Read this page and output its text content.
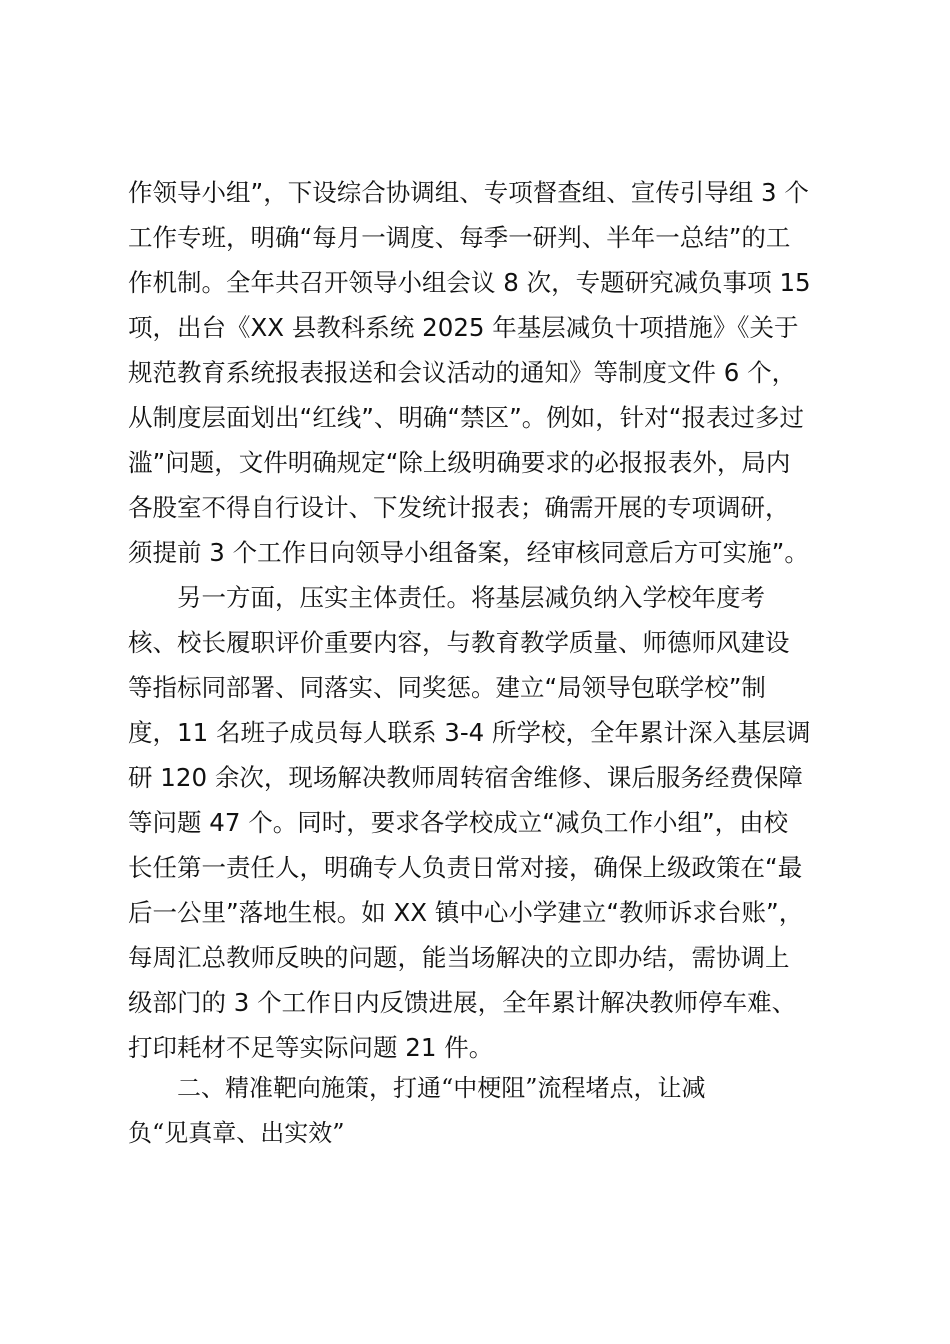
作领导小组”，下设综合协调组、专项督查组、宣传引导组 3 个
工作专班，明确“每月一调度、每季一研判、半年一总结”的工
作机制。全年共召开领导小组会议 8 次，专题研究减负事项 15
项，出台《XX 县教科系统 2025 年基层减负十项措施》《关于
规范教育系统报表报送和会议活动的通知》等制度文件 6 个，
从制度层面划出“红线”、明确“禁区”。例如，针对“报表过多过
滥”问题，文件明确规定“除上级明确要求的必报报表外，局内
各股室不得自行设计、下发统计报表；确需开展的专项调研，
须提前 3 个工作日向领导小组备案，经审核同意后方可实施”。
另一方面，压实主体责任。将基层减负纳入学校年度考
核、校长履职评价重要内容，与教育教学质量、师德师风建设
等指标同部署、同落实、同奖惩。建立“局领导包联学校”制
度，11 名班子成员每人联系 3-4 所学校，全年累计深入基层调
研 120 余次，现场解决教师周转宿舍维修、课后服务经费保障
等问题 47 个。同时，要求各学校成立“减负工作小组”，由校
长任第一责任人，明确专人负责日常对接，确保上级政策在“最
后一公里”落地生根。如 XX 镇中心小学建立“教师诉求台账”，
每周汇总教师反映的问题，能当场解决的立即办结，需协调上
级部门的 3 个工作日内反馈进展，全年累计解决教师停车难、
打印耗材不足等实际问题 21 件。
二、精准靶向施策，打通“中梗阻”流程堵点，让减
负“见真章、出实效”
